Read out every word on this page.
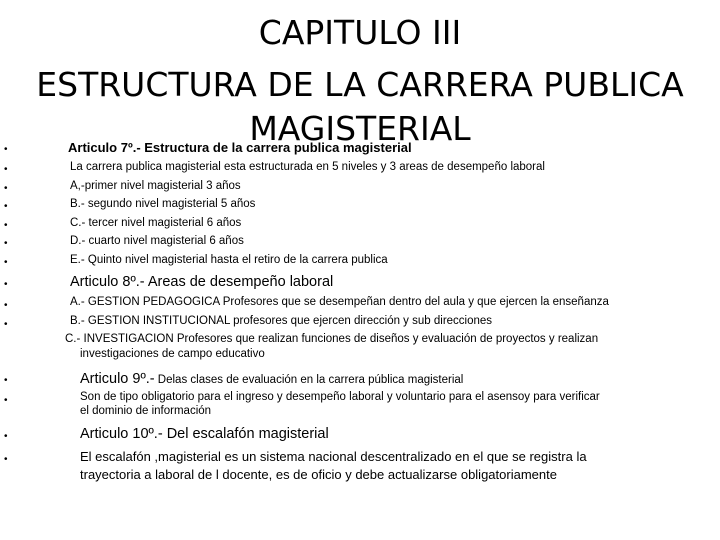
CAPITULO III
ESTRUCTURA DE LA CARRERA PUBLICA
MAGISTERIAL
•	Articulo 7º.- Estructura de la carrera publica magisterial
•	La carrera publica magisterial esta estructurada en 5 niveles y 3 areas de desempeño laboral
•	A,-primer nivel magisterial 3 años
•	B.- segundo nivel magisterial 5 años
•	C.- tercer nivel magisterial 6 años
•	D.- cuarto nivel magisterial 6 años
•	E.- Quinto nivel magisterial hasta el retiro de la carrera publica
•	Articulo 8º.- Areas de desempeño laboral
•	A.- GESTION PEDAGOGICA Profesores que se desempeñan dentro del aula y que ejercen la enseñanza
•	B.- GESTION INSTITUCIONAL profesores que ejercen dirección y sub direcciones
C.- INVESTIGACION Profesores que realizan funciones de diseños y evaluación de proyectos y realizan
investigaciones de campo educativo
•	Articulo 9º.- Delas clases de evaluación en la carrera pública magisterial
•	Son de tipo obligatorio para el ingreso y desempeño laboral y voluntario para el asensoy para verificar
el dominio de información
•	Articulo 10º.- Del escalafón magisterial
•	El escalafón ,magisterial es un sistema nacional descentralizado en el que se registra la
trayectoria a laboral de l docente, es de oficio y debe actualizarse obligatoriamente
